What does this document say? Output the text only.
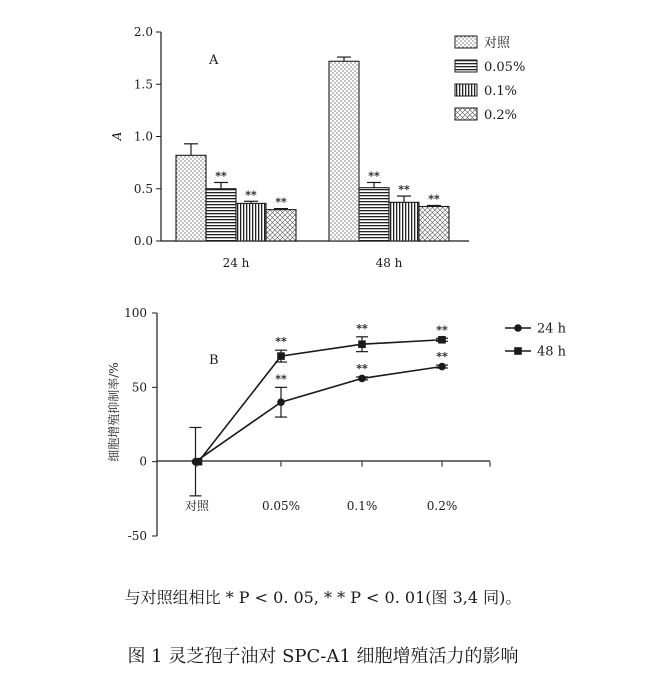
0.0
0.5
1.0
1.5
2.0
**
**
**
**
**
**
24 h	48 h
A
A
对照
0.05%
0.1%
0.2%
-50
0
50
100
**
**
**
**
**	**
对照	0.05%	0.1%	0.2%
细胞增殖抑制率/%
B
24 h
48 h
与对照组相比 * P < 0. 05, * * P < 0. 01(图 3,4 同)。
图 1 灵芝孢子油对 SPC-A1 细胞增殖活力的影响
